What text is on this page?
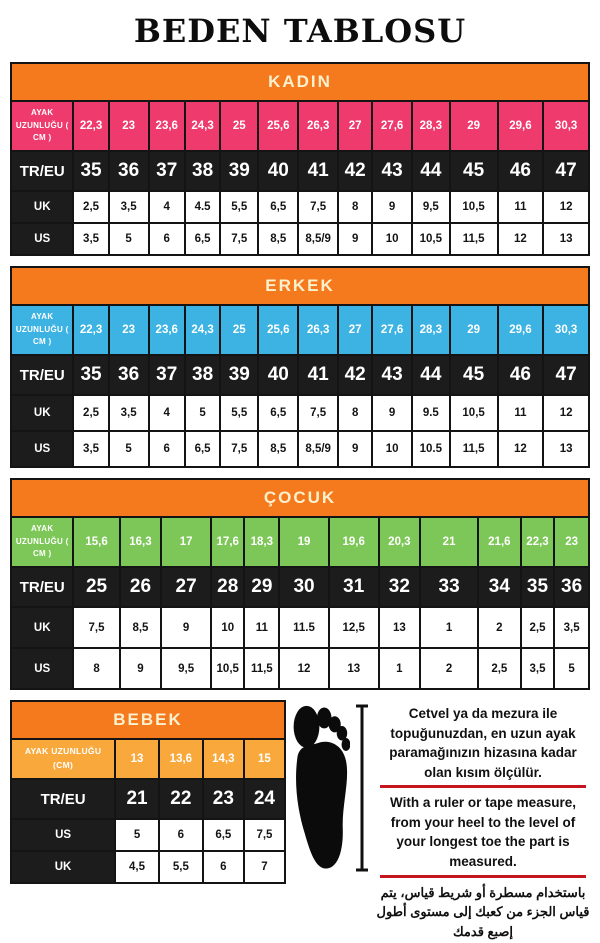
BEDEN TABLOSU
KADIN													
AYAK UZUNLUĞU ( CM )	22,3	23	23,6	24,3	25	25,6	26,3	27	27,6	28,3	29	29,6	30,3
TR/EU	35	36	37	38	39	40	41	42	43	44	45	46	47
UK	2,5	3,5	4	4.5	5,5	6,5	7,5	8	9	9,5	10,5	11	12
US	3,5	5	6	6,5	7,5	8,5	8,5/9	9	10	10,5	11,5	12	13
ERKEK													
AYAK UZUNLUĞU ( CM )	22,3	23	23,6	24,3	25	25,6	26,3	27	27,6	28,3	29	29,6	30,3
TR/EU	35	36	37	38	39	40	41	42	43	44	45	46	47
UK	2,5	3,5	4	5	5,5	6,5	7,5	8	9	9.5	10,5	11	12
US	3,5	5	6	6,5	7,5	8,5	8,5/9	9	10	10.5	11,5	12	13
ÇOCUK												
AYAK UZUNLUĞU ( CM )	15,6	16,3	17	17,6	18,3	19	19,6	20,3	21	21,6	22,3	23
TR/EU	25	26	27	28	29	30	31	32	33	34	35	36
UK	7,5	8,5	9	10	11	11.5	12,5	13	1	2	2,5	3,5
US	8	9	9,5	10,5	11,5	12	13	1	2	2,5	3,5	5
BEBEK				
AYAK UZUNLUĞU (CM)	13	13,6	14,3	15
TR/EU	21	22	23	24
US	5	6	6,5	7,5
UK	4,5	5,5	6	7

Cetvel ya da mezura ile topuğunuzdan, en uzun ayak paramağınızın hizasına kadar olan kısım ölçülür.

With a ruler or tape measure, from your heel to the level of your longest toe the part is measured.

باستخدام مسطرة أو شريط قياس، يتم قياس الجزء من كعبك إلى مستوى أطول إصبع قدمك
